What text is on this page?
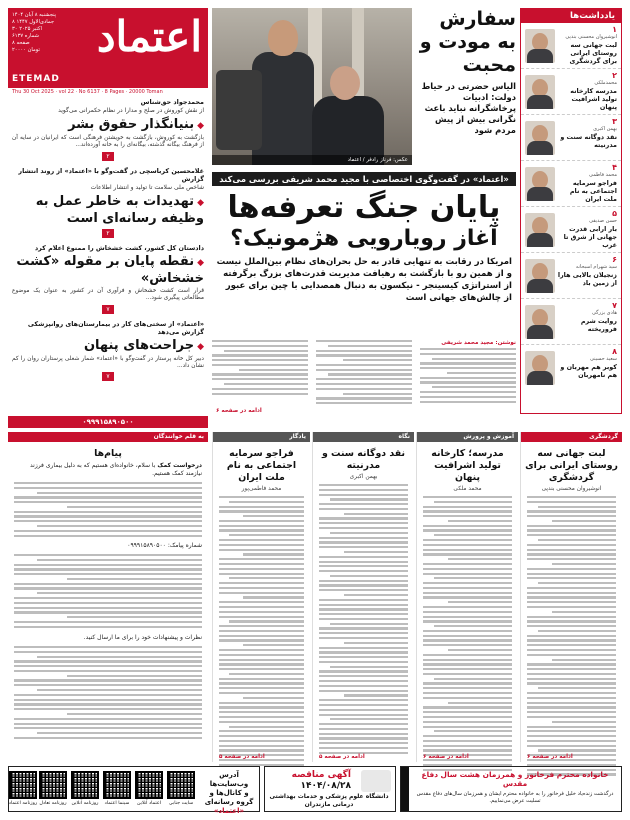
اعتماد
پنجشنبه ۸ آبان ۱۴۰۴
۸ جمادی‌الاول ۱۴۴۷
۳۰ اکتبر ۲۰۲۵
شماره ۶۱۳۷
۸ صفحه
۲۰۰۰۰ تومان
ETEMAD
Thu 30 Oct 2025 · vol 22 · No 6137 · 8 Pages · 20000 Toman
محمدجواد حق‌شناس
از نقش کوروش در صلح و مدارا در نظام حکمرانی می‌گوید
◆بنیانگذار حقوق بشر
بازگشت به کوروش، بازگشت به خویشتن فرهنگی است که ایرانیان در سایه آن از فرهنگ بیگانه گذشته، بیگانه‌ای را به خانه آورده‌اند...
۲
غلامحسین کرباسچی در گفت‌وگو با «اعتماد» از روند انتشار گزارش
شاخص ملی سلامت تا تولید و انتشار اطلاعات
◆تهدیدات به خاطر عمل به وظیفه رسانه‌ای است
۲
دادستان کل کشور، کشت خشخاش را ممنوع اعلام کرد
◆نقطه پایان بر مقوله «کشت خشخاش»
قرار است کشت خشخاش و فرآوری آن در کشور به عنوان یک موضوع مطالعاتی پیگیری شود...
۷
«اعتماد» از سختی‌های کار در بیمارستان‌های روانپزشکی گزارش می‌دهد
◆جراحت‌های پنهان
دبیر کل خانه پرستار در گفت‌وگو با «اعتماد» شمار شغلی پرستاران روان را کم نشان داد...
۷
عکس: فرناز رادفر / اعتماد
سفارش به مودت و محبت
الیاس حضرتی در حیاط دولت: ادبیات پرخاشگرانه نباید باعث نگرانی بیش از پیش مردم شود
یادداشت‌ها
۱
انوشیروان محسنی بندپی
لبت جهانی سه روستای ایرانی برای گردشگری
۲
محمدملکی
مدرسه کارخانه تولید اشرافیت پنهان
۳
بهمن اکبری
نقد دوگانه سنت و مدرنیته
۴
محمد فاطمی
فراجو سرمایه اجتماعی به نام ملت ایران
۵
حسن صدیقی
بار ارابی قدرت جهانی از شرق تا غرب
۶
سید شهرام اسبحانه
زنجیلان بالایی هارا از زمین باد
۷
هادی بزرگی
روایت شرم فروریخته
۸
سعید حسینی
کوبر هم مهربان و هم نامهربان
«اعتماد» در گفت‌وگوی اختصاصی با مجید محمد شریفی بررسی می‌کند
پایان جنگ تعرفه‌ها
آغاز رویارویی هژمونیک؟
امریکا در رقابت به تنهایی قادر به حل بحران‌های نظام بین‌الملل نیست و از همین رو با بازگشت به رهیافت مدیریت قدرت‌های بزرگ برگرفته از استراتژی کیسینجر - نیکسون به دنبال همصدایی با چین برای عبور از چالش‌های جهانی است
نوشتن: مجید محمد شریفی
ادامه در صفحه ۶
۰۹۹۹۱۵۸۹۰۵۰۰
گردشگری
لبت جهانی سه روستای ایرانی برای گردشگری
انوشیروان محسنی بندپی
ادامه در صفحه ۶
آموزش و پرورش
مدرسه؛ کارخانه تولید اشرافیت پنهان
محمد ملکی
ادامه در صفحه ۶
نگاه
نقد دوگانه سنت و مدرنیته
بهمن اکبری
ادامه در صفحه ۵
یادگار
فراجو سرمایه اجتماعی به نام ملت ایران
محمد فاطمی‌پور
ادامه در صفحه ۵
به قلم خوانندگان
پیام‌ها
درخواست کمک با سلام، خانواده‌ای هستیم که به دلیل بیماری فرزند نیازمند کمک هستیم.
شماره پیامک: ۰۹۹۹۱۵۸۹۰۵۰۰
نظرات و پیشنهادات خود را برای ما ارسال کنید.
آدرس
وب‌سایت‌ها
و کانال‌ها و گروه رسانه‌ای
«اعتماد»
سایت جنابی
اعتماد آنلاین
سینما اعتماد
روزنامه آنلاین
روزنامه تعادل
روزنامه اعتماد
آگهی مناقصه
۱۴۰۴/۰۸/۲۸
دانشگاه علوم پزشکی و خدمات بهداشتی درمانی مازندران
خانواده محترم فرخانور و همرزمان هشت سال دفاع مقدس
درگذشت زنده‌یاد خلیل فرخانور را به خانواده محترم ایشان و همرزمان سال‌های دفاع مقدس تسلیت عرض می‌نماییم.
